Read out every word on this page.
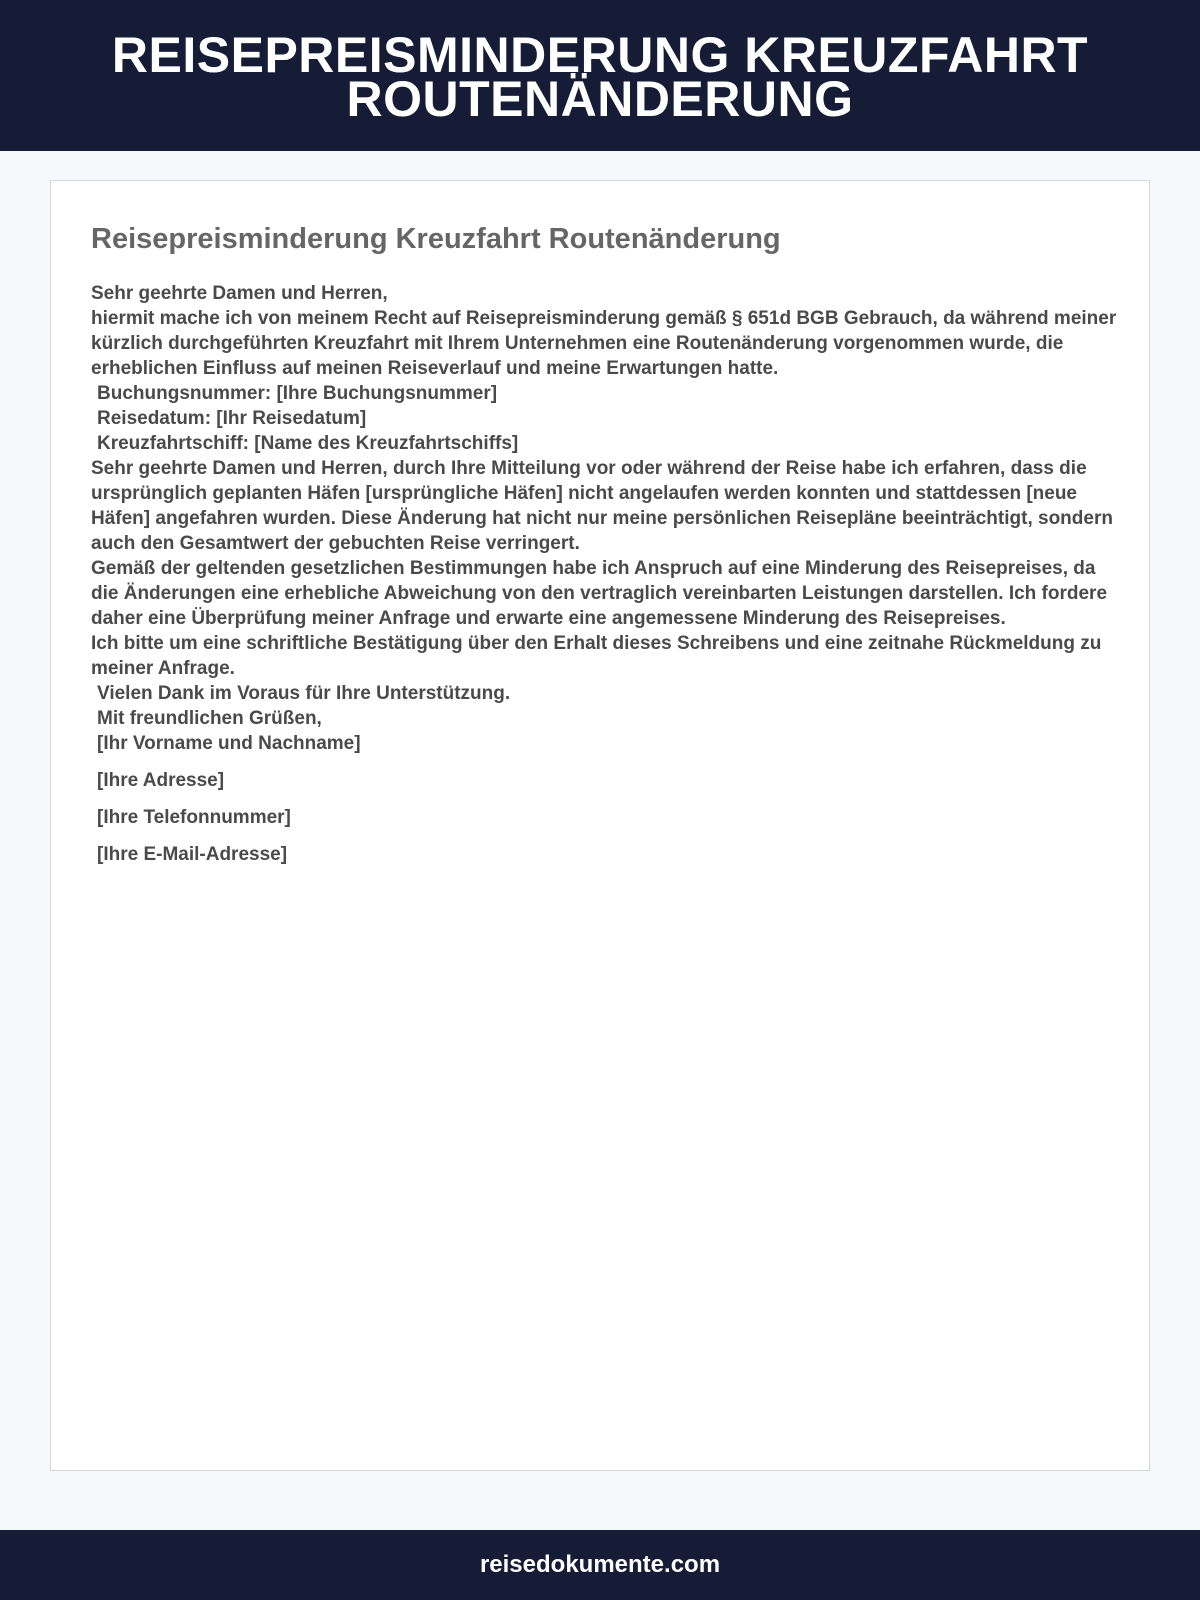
REISEPREISMINDERUNG KREUZFAHRT ROUTENÄNDERUNG
Reisepreisminderung Kreuzfahrt Routenänderung
Sehr geehrte Damen und Herren,
hiermit mache ich von meinem Recht auf Reisepreisminderung gemäß § 651d BGB Gebrauch, da während meiner kürzlich durchgeführten Kreuzfahrt mit Ihrem Unternehmen eine Routenänderung vorgenommen wurde, die erheblichen Einfluss auf meinen Reiseverlauf und meine Erwartungen hatte.
Buchungsnummer: [Ihre Buchungsnummer]
Reisedatum: [Ihr Reisedatum]
Kreuzfahrtschiff: [Name des Kreuzfahrtschiffs]
Sehr geehrte Damen und Herren, durch Ihre Mitteilung vor oder während der Reise habe ich erfahren, dass die ursprünglich geplanten Häfen [ursprüngliche Häfen] nicht angelaufen werden konnten und stattdessen [neue Häfen] angefahren wurden. Diese Änderung hat nicht nur meine persönlichen Reisepläne beeinträchtigt, sondern auch den Gesamtwert der gebuchten Reise verringert.
Gemäß der geltenden gesetzlichen Bestimmungen habe ich Anspruch auf eine Minderung des Reisepreises, da die Änderungen eine erhebliche Abweichung von den vertraglich vereinbarten Leistungen darstellen. Ich fordere daher eine Überprüfung meiner Anfrage und erwarte eine angemessene Minderung des Reisepreises.
Ich bitte um eine schriftliche Bestätigung über den Erhalt dieses Schreibens und eine zeitnahe Rückmeldung zu meiner Anfrage.
Vielen Dank im Voraus für Ihre Unterstützung.
Mit freundlichen Grüßen,
[Ihr Vorname und Nachname]
[Ihre Adresse]
[Ihre Telefonnummer]
[Ihre E-Mail-Adresse]
reisedokumente.com
